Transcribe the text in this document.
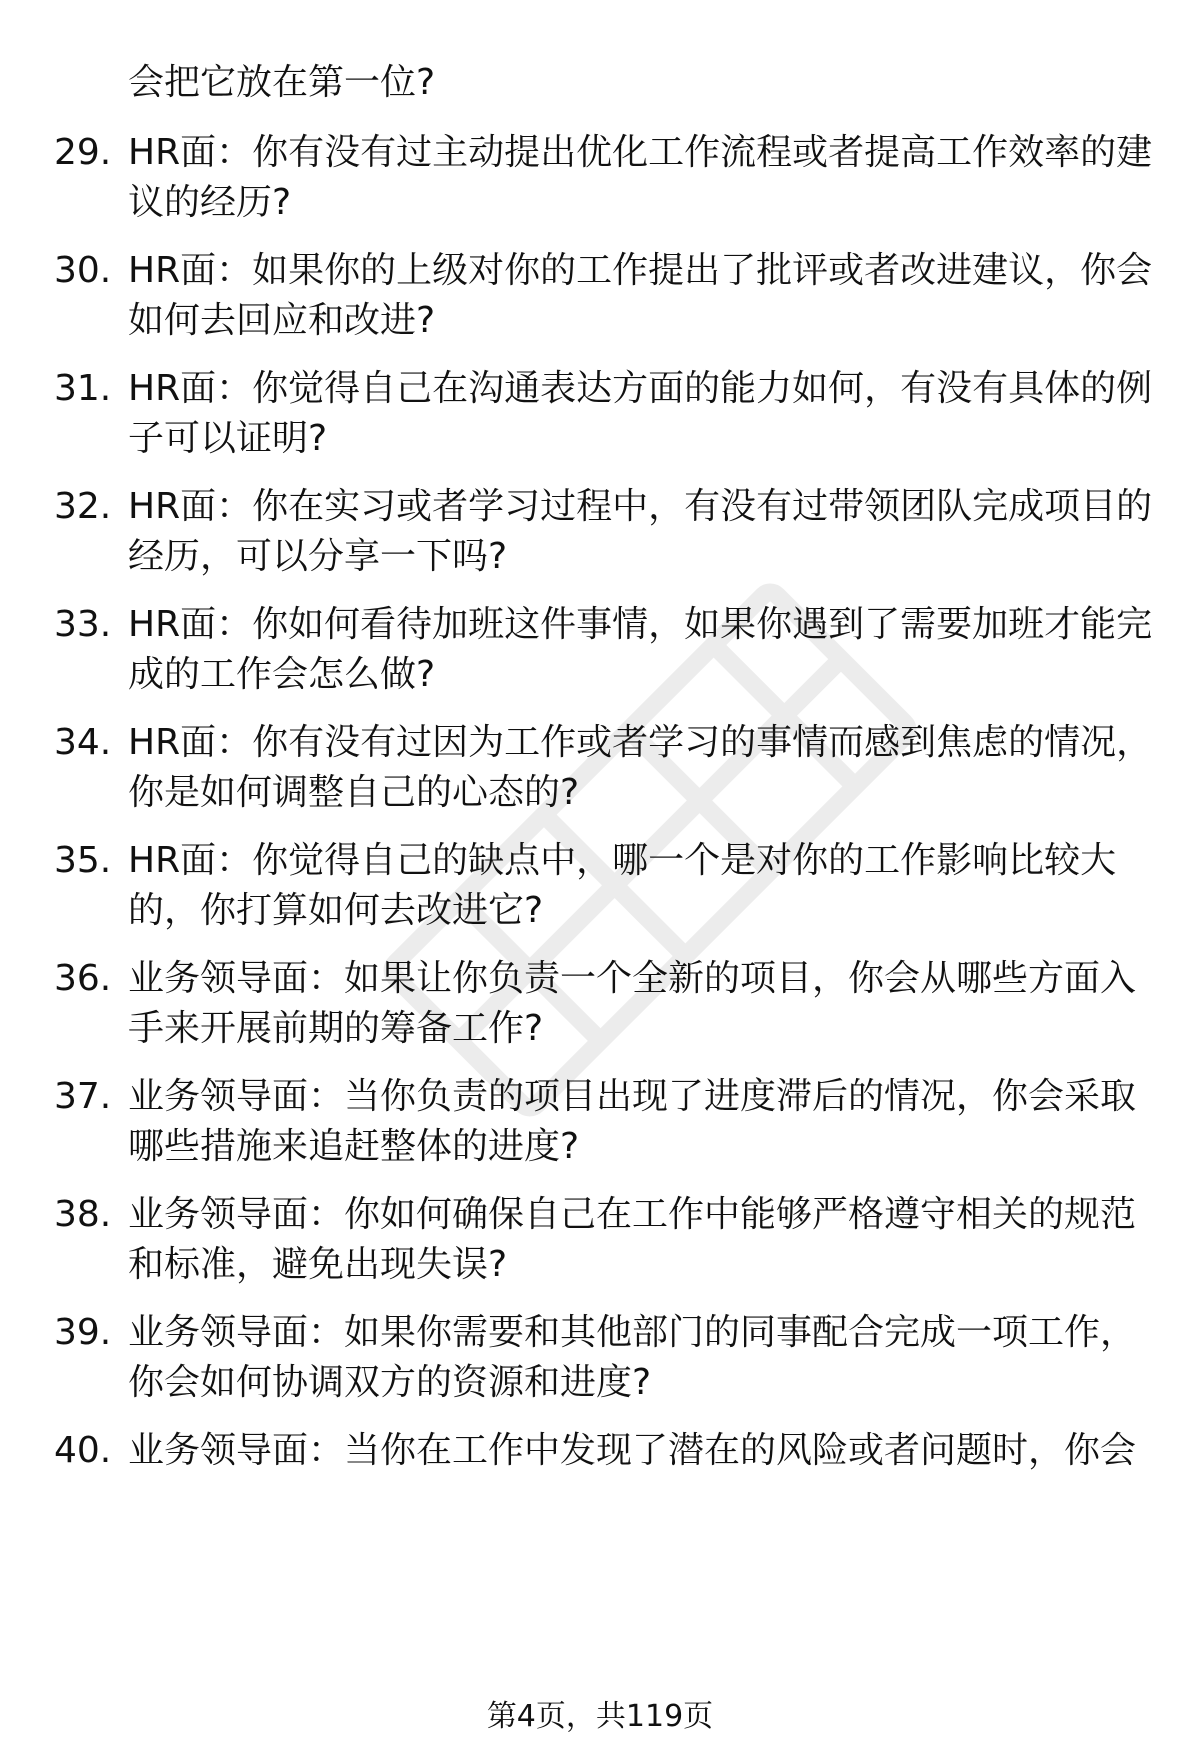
会把它放在第一位?
29. HR面：你有没有过主动提出优化工作流程或者提高工作效率的建议的经历?
30. HR面：如果你的上级对你的工作提出了批评或者改进建议，你会如何去回应和改进?
31. HR面：你觉得自己在沟通表达方面的能力如何，有没有具体的例子可以证明?
32. HR面：你在实习或者学习过程中，有没有过带领团队完成项目的经历，可以分享一下吗?
33. HR面：你如何看待加班这件事情，如果你遇到了需要加班才能完成的工作会怎么做?
34. HR面：你有没有过因为工作或者学习的事情而感到焦虑的情况，你是如何调整自己的心态的?
35. HR面：你觉得自己的缺点中，哪一个是对你的工作影响比较大的，你打算如何去改进它?
36. 业务领导面：如果让你负责一个全新的项目，你会从哪些方面入手来开展前期的筹备工作?
37. 业务领导面：当你负责的项目出现了进度滞后的情况，你会采取哪些措施来追赶整体的进度?
38. 业务领导面：你如何确保自己在工作中能够严格遵守相关的规范和标准，避免出现失误?
39. 业务领导面：如果你需要和其他部门的同事配合完成一项工作，你会如何协调双方的资源和进度?
40. 业务领导面：当你在工作中发现了潜在的风险或者问题时，你会
第4页，共119页
